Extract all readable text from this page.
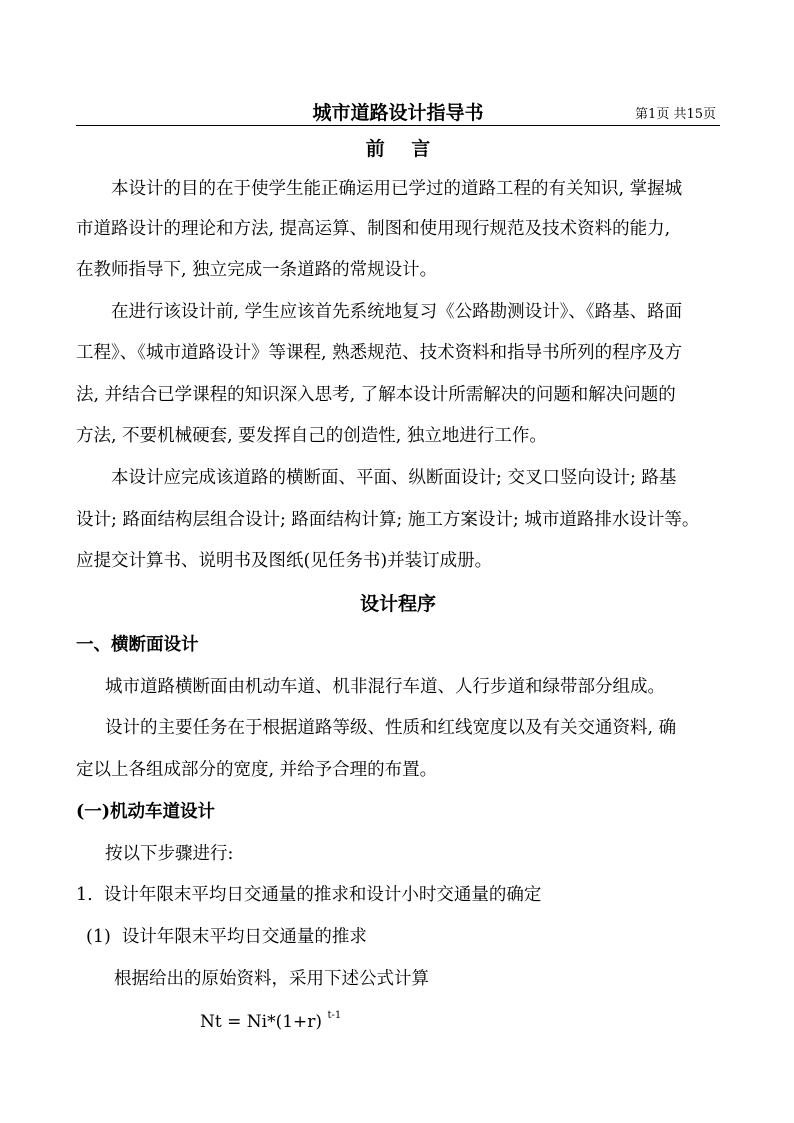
城市道路设计指导书	第1页 共15页
前    言
本设计的目的在于使学生能正确运用已学过的道路工程的有关知识, 掌握城
市道路设计的理论和方法, 提高运算、制图和使用现行规范及技术资料的能力,
在教师指导下, 独立完成一条道路的常规设计。
在进行该设计前, 学生应该首先系统地复习《公路勘测设计》、《路基、路面
工程》、《城市道路设计》等课程, 熟悉规范、技术资料和指导书所列的程序及方
法, 并结合已学课程的知识深入思考, 了解本设计所需解决的问题和解决问题的
方法, 不要机械硬套, 要发挥自己的创造性, 独立地进行工作。
本设计应完成该道路的横断面、平面、纵断面设计; 交叉口竖向设计; 路基
设计; 路面结构层组合设计; 路面结构计算; 施工方案设计; 城市道路排水设计等。
应提交计算书、说明书及图纸(见任务书)并装订成册。
设计程序
一、横断面设计
城市道路横断面由机动车道、机非混行车道、人行步道和绿带部分组成。
设计的主要任务在于根据道路等级、性质和红线宽度以及有关交通资料, 确
定以上各组成部分的宽度, 并给予合理的布置。
(一)机动车道设计
按以下步骤进行:
1.  设计年限末平均日交通量的推求和设计小时交通量的确定
(1)  设计年限末平均日交通量的推求
根据给出的原始资料，采用下述公式计算
Nt = Ni*(1+r) $^{t-1}$
